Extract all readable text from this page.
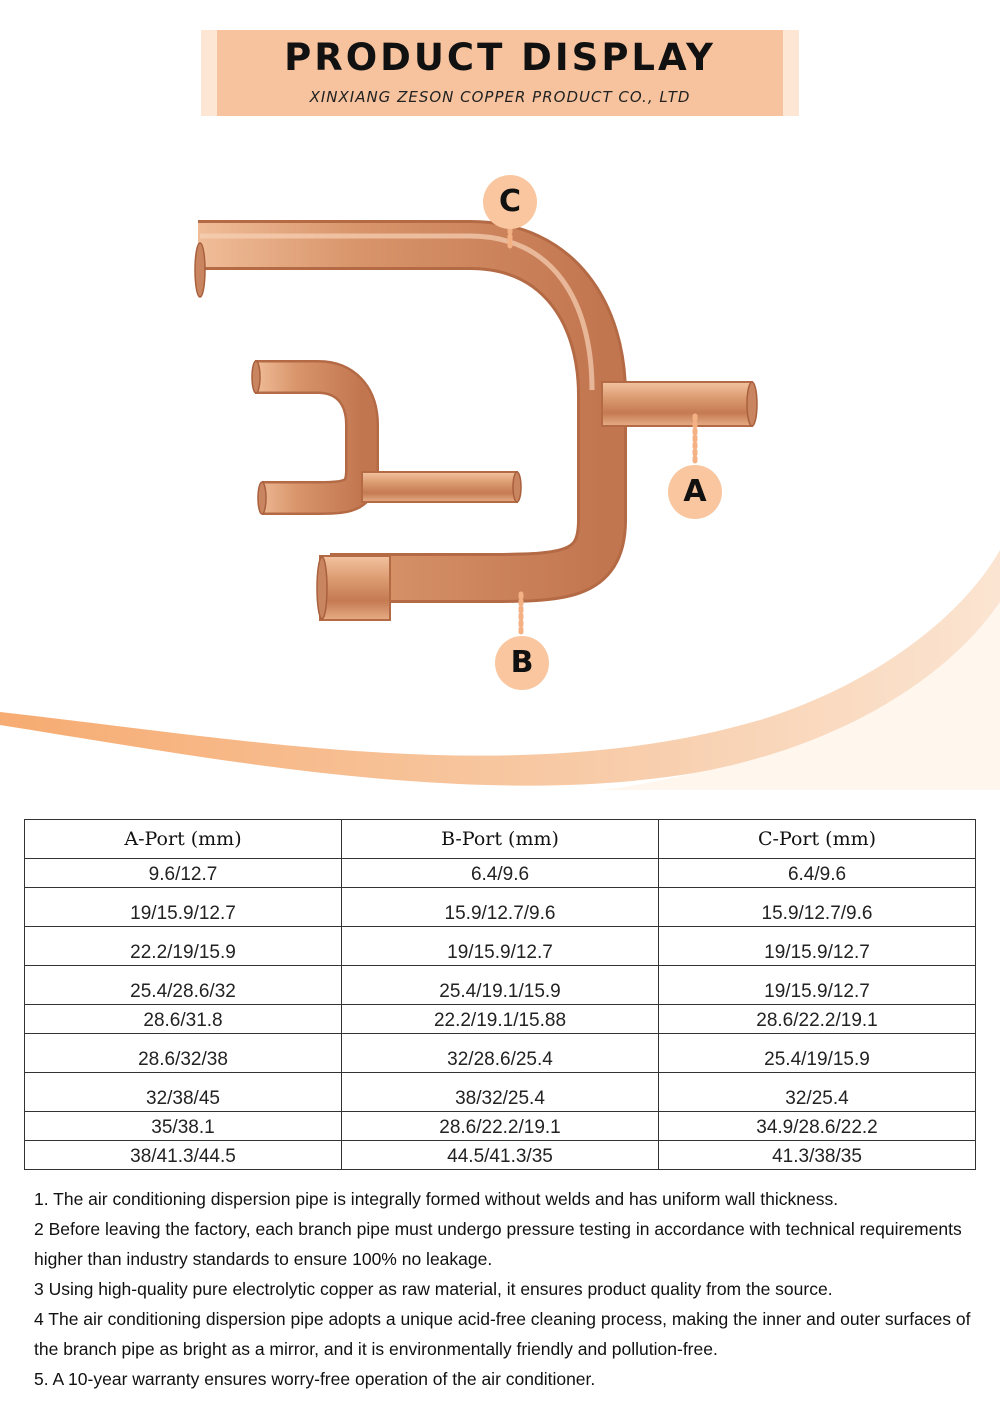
PRODUCT DISPLAY
XINXIANG ZESON COPPER PRODUCT CO., LTD
C
A
B
A-Port (mm)	B-Port (mm)	C-Port (mm)

9.6/12.7	6.4/9.6	6.4/9.6

19/15.9/12.7	15.9/12.7/9.6	15.9/12.7/9.6

22.2/19/15.9	19/15.9/12.7	19/15.9/12.7

25.4/28.6/32	25.4/19.1/15.9	19/15.9/12.7

28.6/31.8	22.2/19.1/15.88	28.6/22.2/19.1

28.6/32/38	32/28.6/25.4	25.4/19/15.9

32/38/45	38/32/25.4	32/25.4

35/38.1	28.6/22.2/19.1	34.9/28.6/22.2

38/41.3/44.5	44.5/41.3/35	41.3/38/35

1. The air conditioning dispersion pipe is integrally formed without welds and has uniform wall thickness.

2 Before leaving the factory, each branch pipe must undergo pressure testing in accordance with technical requirements higher than industry standards to ensure 100% no leakage.

3 Using high-quality pure electrolytic copper as raw material, it ensures product quality from the source.

4 The air conditioning dispersion pipe adopts a unique acid-free cleaning process, making the inner and outer surfaces of the branch pipe as bright as a mirror, and it is environmentally friendly and pollution-free.

5. A 10-year warranty ensures worry-free operation of the air conditioner.
